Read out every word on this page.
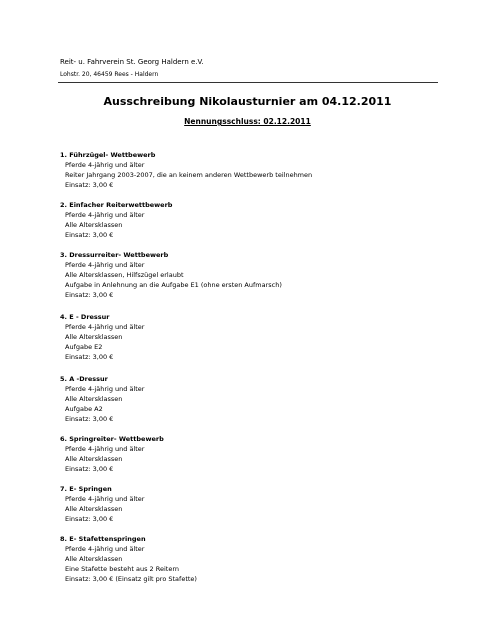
Reit- u. Fahrverein St. Georg Haldern e.V.
Lohstr. 20, 46459 Rees - Haldern
Ausschreibung Nikolausturnier am 04.12.2011
Nennungsschluss: 02.12.2011
1. Führzügel- Wettbewerb
Pferde 4-jährig und älter
Reiter Jahrgang 2003-2007, die an keinem anderen Wettbewerb teilnehmen
Einsatz: 3,00 €
2. Einfacher Reiterwettbewerb
Pferde 4-jährig und älter
Alle Altersklassen
Einsatz: 3,00 €
3. Dressurreiter- Wettbewerb
Pferde 4-jährig und älter
Alle Altersklassen, Hilfszügel erlaubt
Aufgabe in Anlehnung an die Aufgabe E1 (ohne ersten Aufmarsch)
Einsatz: 3,00 €
4. E - Dressur
Pferde 4-jährig und älter
Alle Altersklassen
Aufgabe E2
Einsatz: 3,00 €
5. A -Dressur
Pferde 4-jährig und älter
Alle Altersklassen
Aufgabe A2
Einsatz: 3,00 €
6. Springreiter- Wettbewerb
Pferde 4-jährig und älter
Alle Altersklassen
Einsatz: 3,00 €
7. E- Springen
Pferde 4-jährig und älter
Alle Altersklassen
Einsatz: 3,00 €
8. E- Stafettenspringen
Pferde 4-jährig und älter
Alle Altersklassen
Eine Stafette besteht aus 2 Reitern
Einsatz: 3,00 € (Einsatz gilt pro Stafette)
